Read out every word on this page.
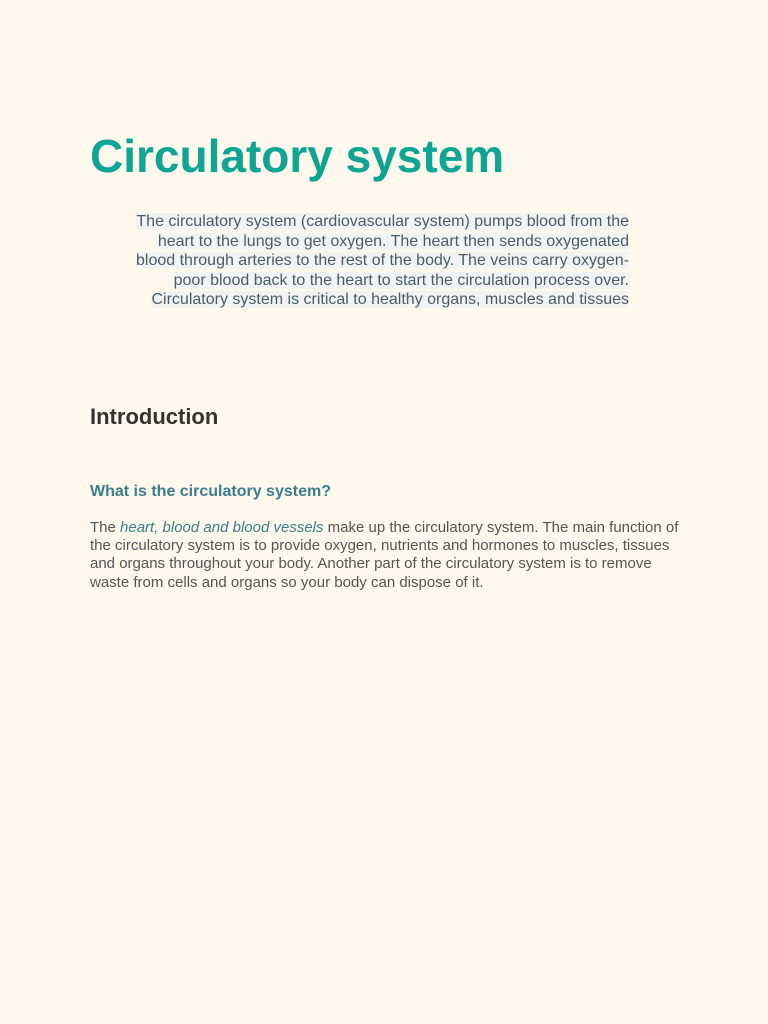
Circulatory system

The circulatory system (cardiovascular system) pumps blood from the heart to the lungs to get oxygen. The heart then sends oxygenated blood through arteries to the rest of the body. The veins carry oxygen-poor blood back to the heart to start the circulation process over. Circulatory system is critical to healthy organs, muscles and tissues

Introduction
What is the circulatory system?

The heart, blood and blood vessels make up the circulatory system. The main function of the circulatory system is to provide oxygen, nutrients and hormones to muscles, tissues and organs throughout your body. Another part of the circulatory system is to remove waste from cells and organs so your body can dispose of it.
